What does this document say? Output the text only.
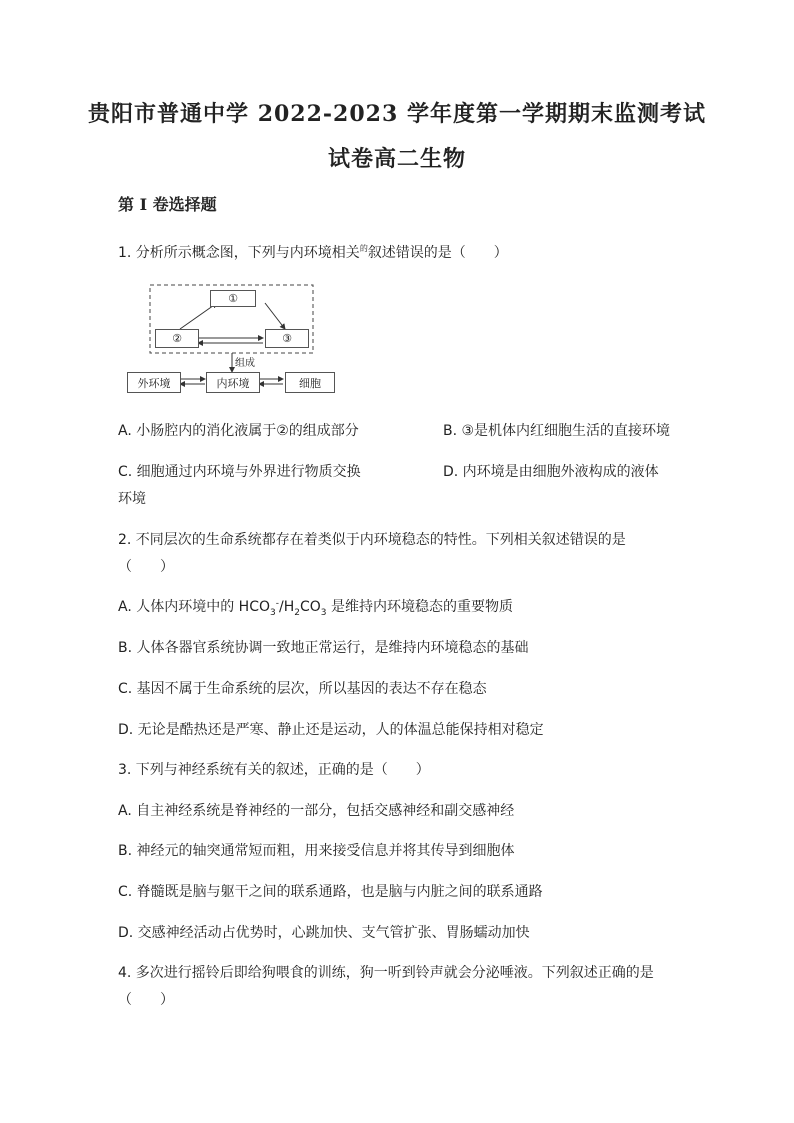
贵阳市普通中学 2022-2023 学年度第一学期期末监测考试
试卷高二生物
第 I 卷选择题
1. 分析所示概念图，下列与内环境相关$^的$叙述错误的是（　　）
①
②	③
组成
外环境	内环境	细胞
A. 小肠腔内的消化液属于②的组成部分	B. ③是机体内红细胞生活的直接环境
C. 细胞通过内环境与外界进行物质交换	D. 内环境是由细胞外液构成的液体
环境
2. 不同层次的生命系统都存在着类似于内环境稳态的特性。下列相关叙述错误的是
（　　）
A. 人体内环境中的 $HCO_3^-/H_2CO_3$ 是维持内环境稳态的重要物质
B. 人体各器官系统协调一致地正常运行，是维持内环境稳态的基础
C. 基因不属于生命系统的层次，所以基因的表达不存在稳态
D. 无论是酷热还是严寒、静止还是运动，人的体温总能保持相对稳定
3. 下列与神经系统有关的叙述，正确的是（　　）
A. 自主神经系统是脊神经的一部分，包括交感神经和副交感神经
B. 神经元的轴突通常短而粗，用来接受信息并将其传导到细胞体
C. 脊髓既是脑与躯干之间的联系通路，也是脑与内脏之间的联系通路
D. 交感神经活动占优势时，心跳加快、支气管扩张、胃肠蠕动加快
4. 多次进行摇铃后即给狗喂食的训练，狗一听到铃声就会分泌唾液。下列叙述正确的是
（　　）
